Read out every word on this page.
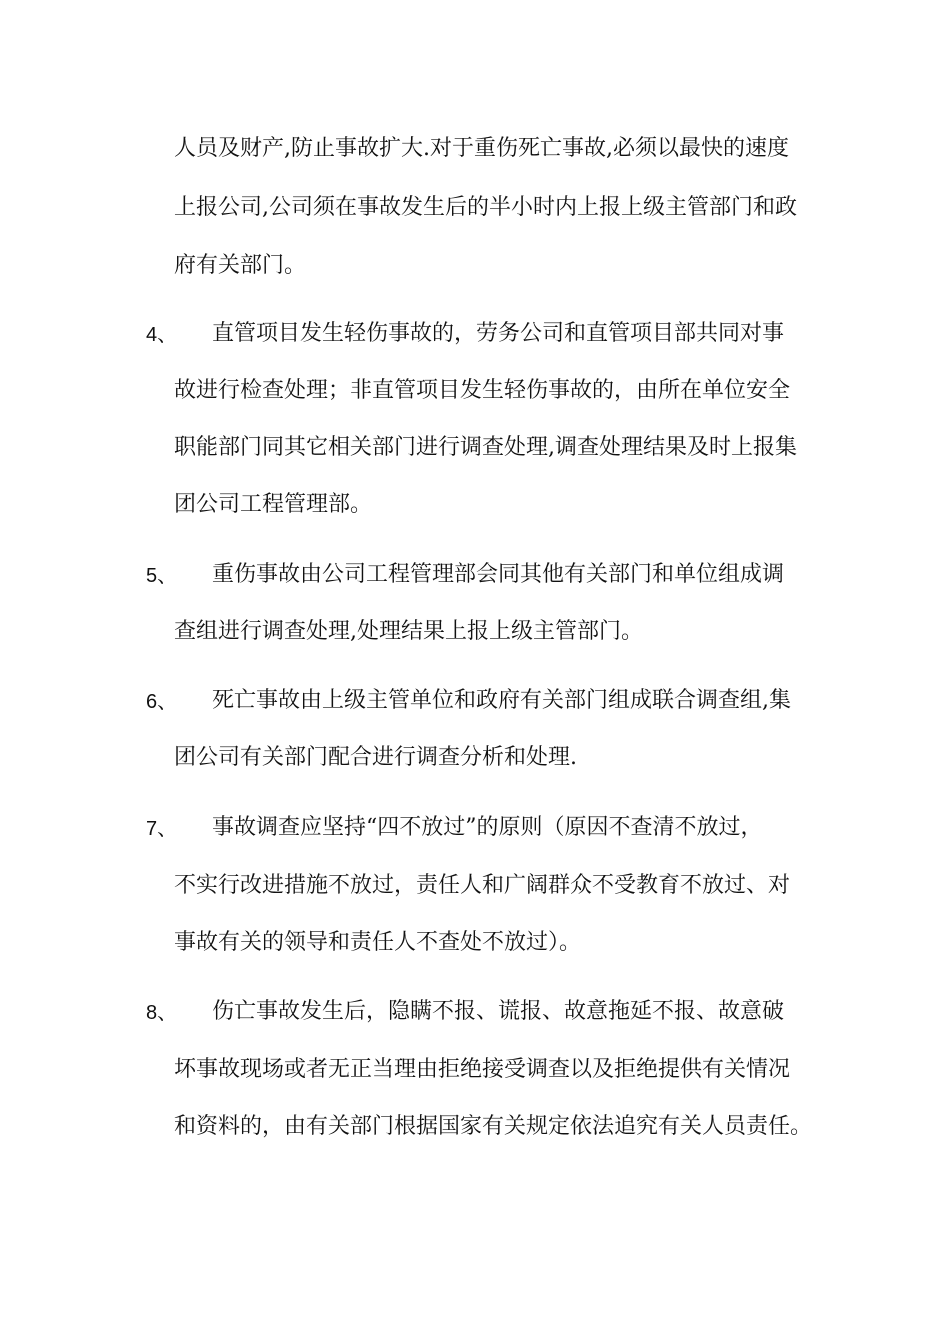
人员及财产,防止事故扩大.对于重伤死亡事故,必须以最快的速度
上报公司,公司须在事故发生后的半小时内上报上级主管部门和政
府有关部门。
4、 直管项目发生轻伤事故的，劳务公司和直管项目部共同对事
故进行检查处理；非直管项目发生轻伤事故的，由所在单位安全
职能部门同其它相关部门进行调查处理,调查处理结果及时上报集
团公司工程管理部。
5、 重伤事故由公司工程管理部会同其他有关部门和单位组成调
查组进行调查处理,处理结果上报上级主管部门。
6、 死亡事故由上级主管单位和政府有关部门组成联合调查组,集
团公司有关部门配合进行调查分析和处理.
7、 事故调查应坚持“四不放过”的原则（原因不查清不放过，
不实行改进措施不放过，责任人和广阔群众不受教育不放过、对
事故有关的领导和责任人不查处不放过）。
8、 伤亡事故发生后，隐瞒不报、谎报、故意拖延不报、故意破
坏事故现场或者无正当理由拒绝接受调查以及拒绝提供有关情况
和资料的，由有关部门根据国家有关规定依法追究有关人员责任。
